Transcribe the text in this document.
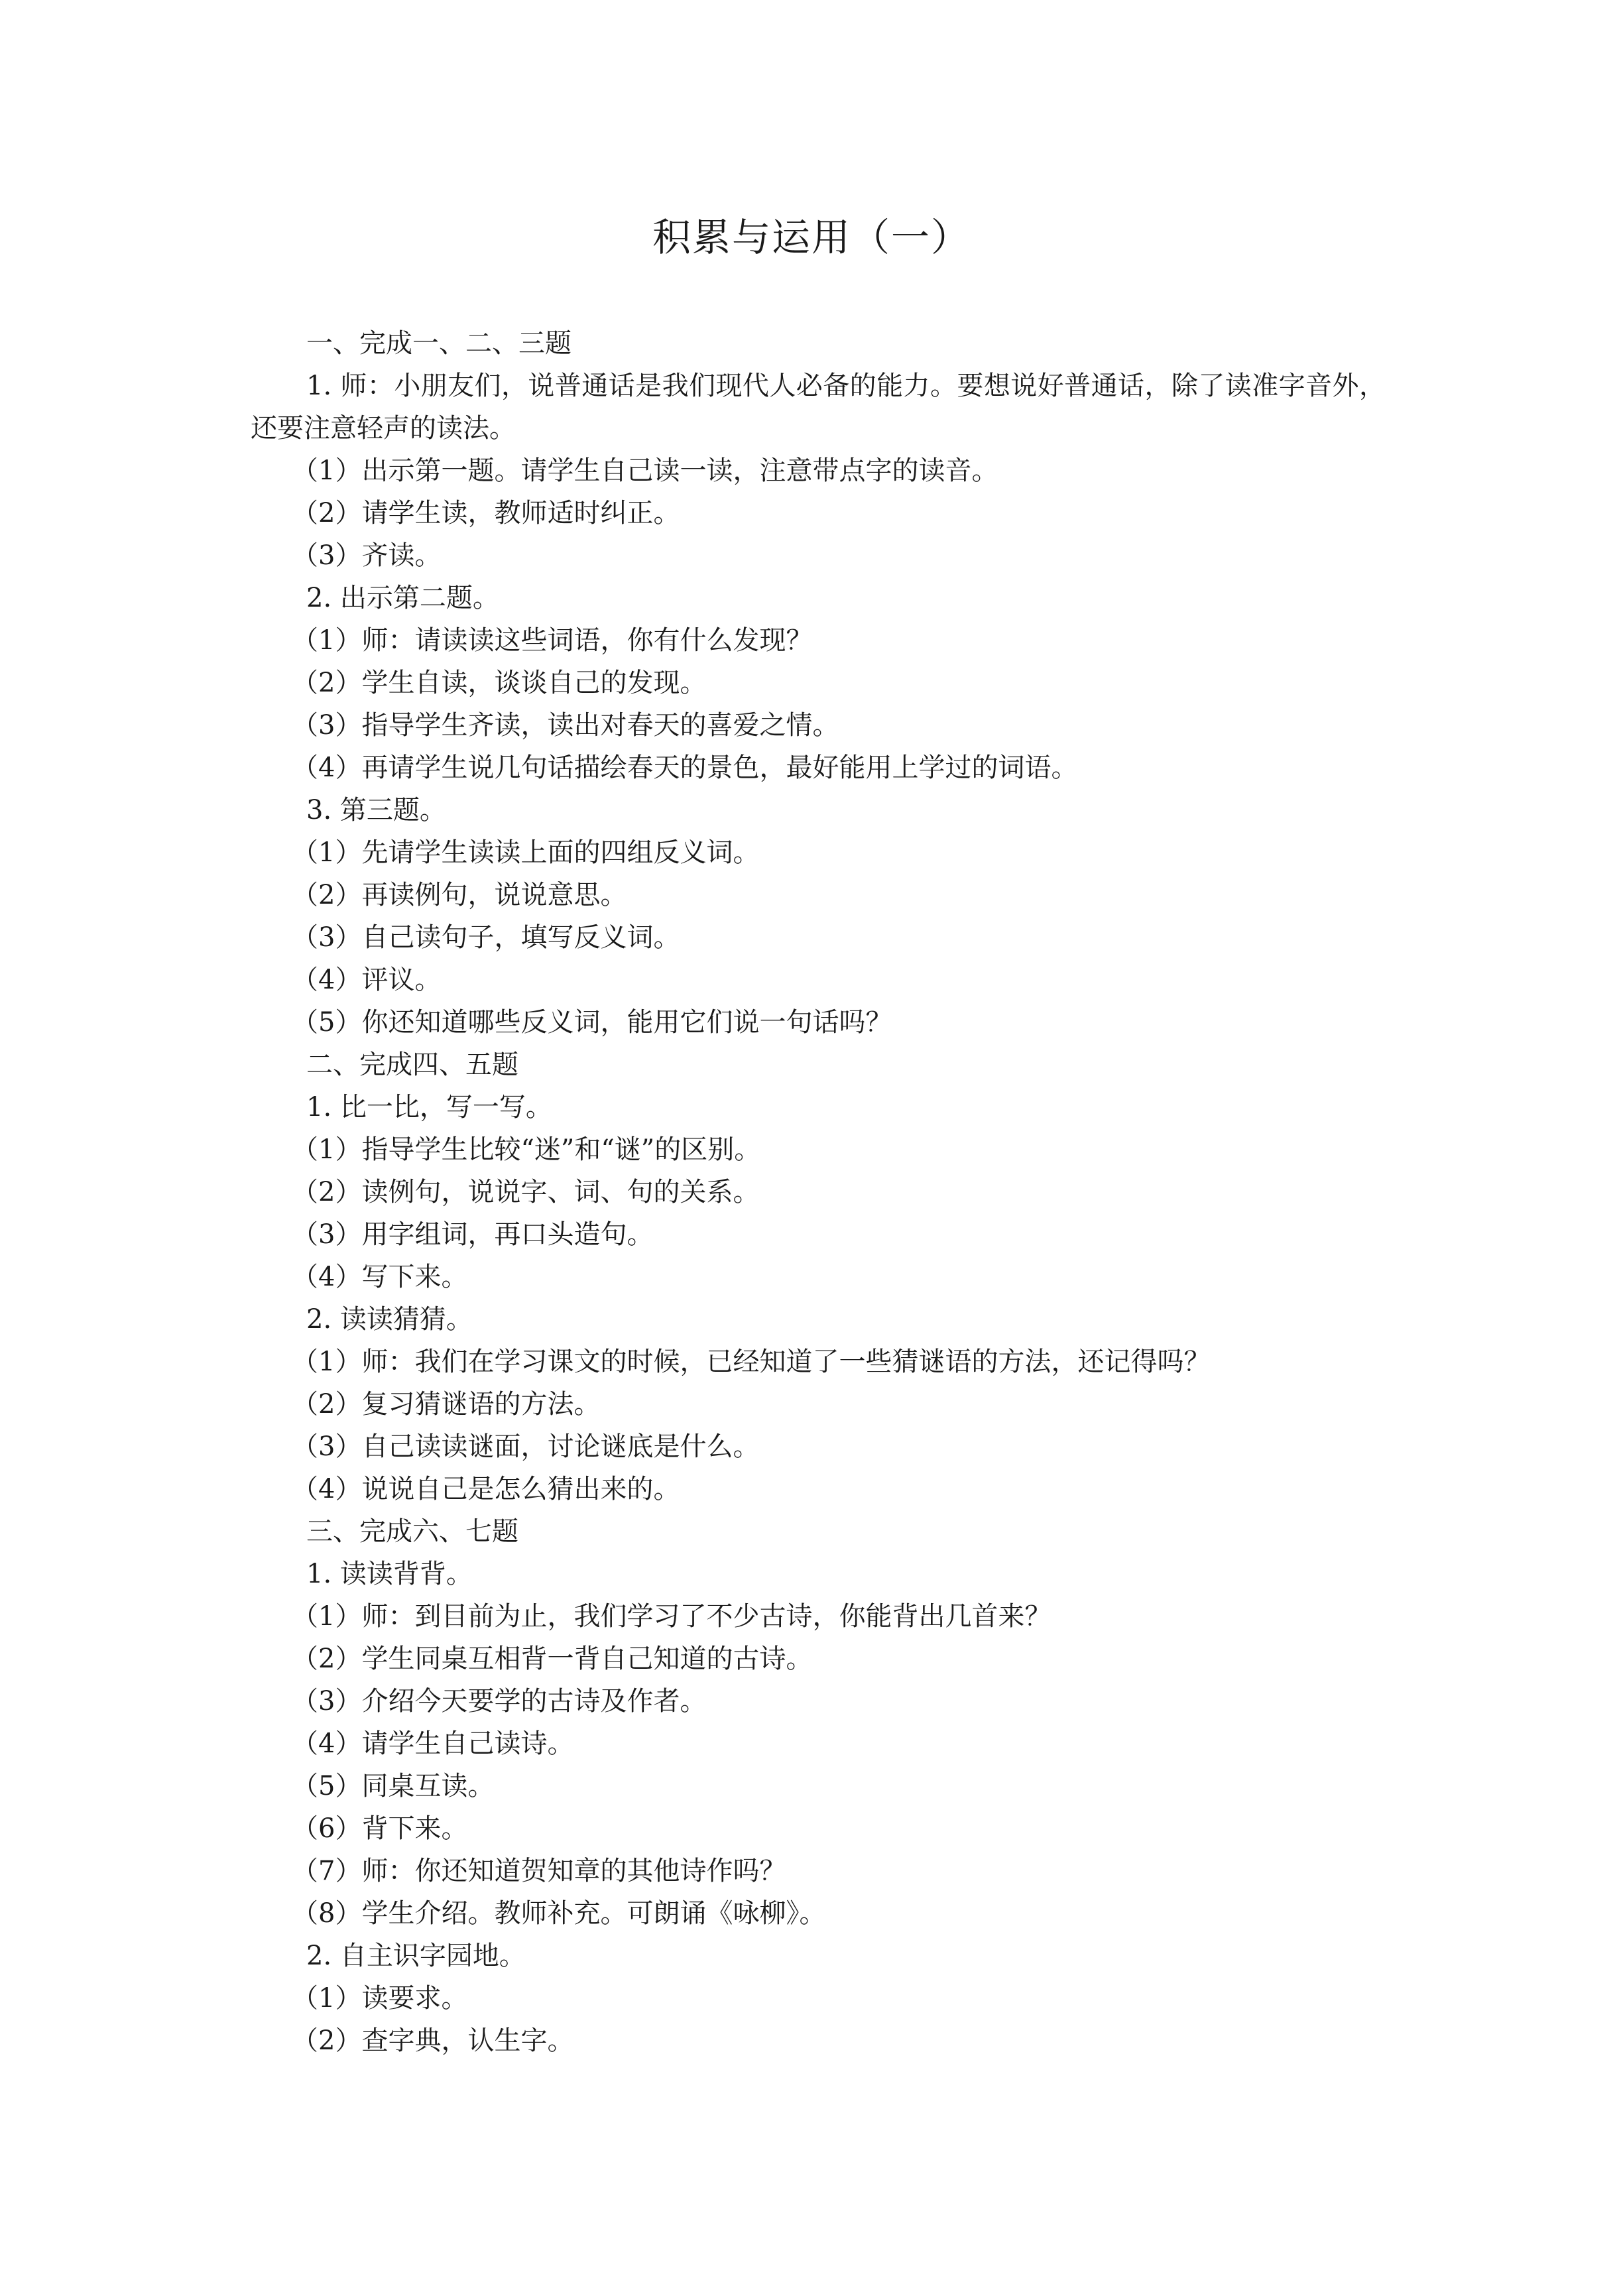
积累与运用（一）

一、完成一、二、三题

1. 师：小朋友们，说普通话是我们现代人必备的能力。要想说好普通话，除了读准字音外，还要注意轻声的读法。

（1）出示第一题。请学生自己读一读，注意带点字的读音。

（2）请学生读，教师适时纠正。

（3）齐读。

2. 出示第二题。

（1）师：请读读这些词语，你有什么发现？

（2）学生自读，谈谈自己的发现。

（3）指导学生齐读，读出对春天的喜爱之情。

（4）再请学生说几句话描绘春天的景色，最好能用上学过的词语。

3. 第三题。

（1）先请学生读读上面的四组反义词。

（2）再读例句，说说意思。

（3）自己读句子，填写反义词。

（4）评议。

（5）你还知道哪些反义词，能用它们说一句话吗？

二、完成四、五题

1. 比一比，写一写。

（1）指导学生比较“迷”和“谜”的区别。

（2）读例句，说说字、词、句的关系。

（3）用字组词，再口头造句。

（4）写下来。

2. 读读猜猜。

（1）师：我们在学习课文的时候，已经知道了一些猜谜语的方法，还记得吗？

（2）复习猜谜语的方法。

（3）自己读读谜面，讨论谜底是什么。

（4）说说自己是怎么猜出来的。

三、完成六、七题

1. 读读背背。

（1）师：到目前为止，我们学习了不少古诗，你能背出几首来？

（2）学生同桌互相背一背自己知道的古诗。

（3）介绍今天要学的古诗及作者。

（4）请学生自己读诗。

（5）同桌互读。

（6）背下来。

（7）师：你还知道贺知章的其他诗作吗？

（8）学生介绍。教师补充。可朗诵《咏柳》。

2. 自主识字园地。

（1）读要求。

（2）查字典，认生字。
